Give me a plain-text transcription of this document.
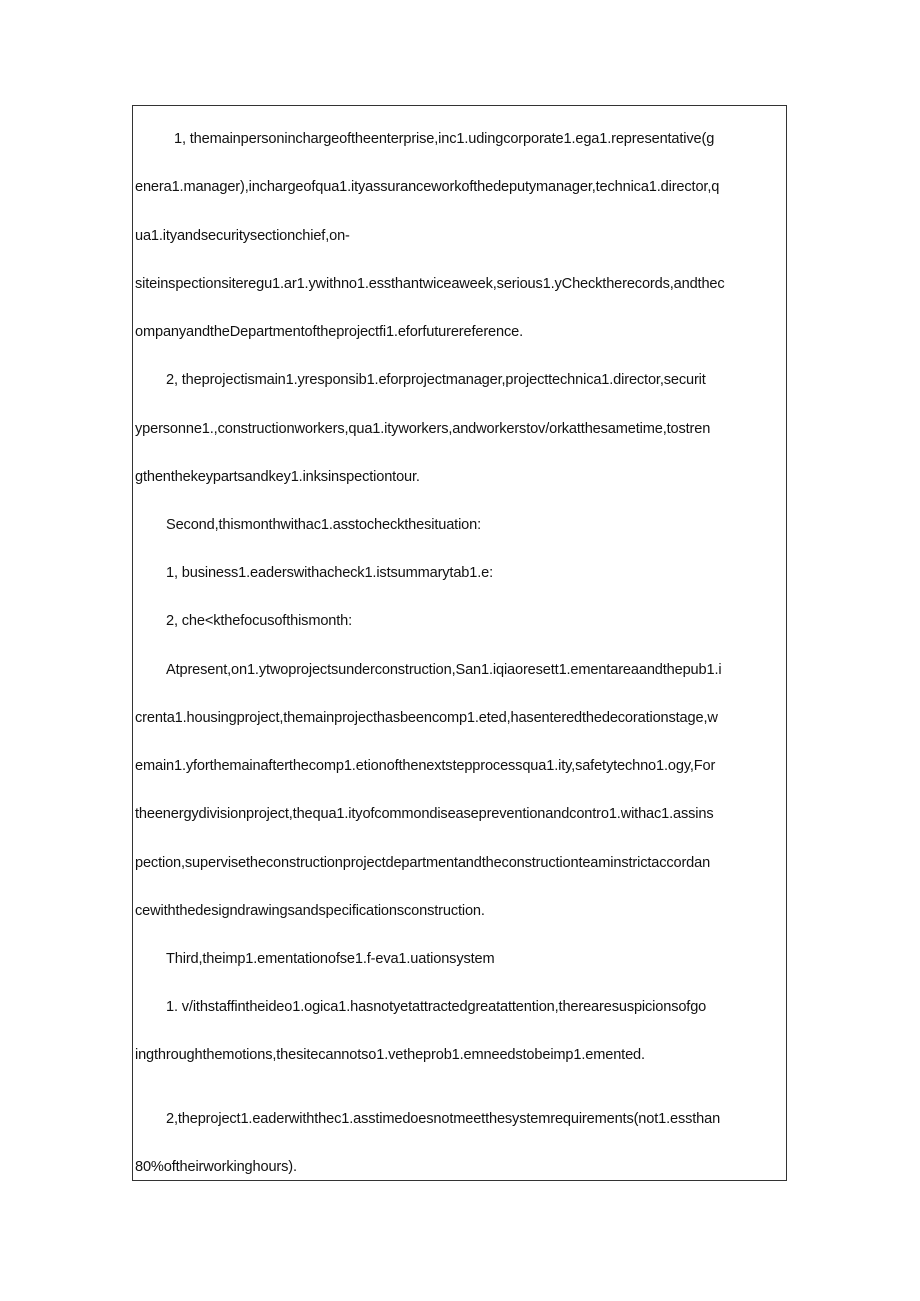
1, themainpersoninchargeoftheenterprise,inc1.udingcorporate1.ega1.representative(g
enera1.manager),inchargeofqua1.ityassuranceworkofthedeputymanager,technica1.director,q
ua1.ityandsecuritysectionchief,on-
siteinspectionsiteregu1.ar1.ywithno1.essthantwiceaweek,serious1.yChecktherecords,andthec
ompanyandtheDepartmentoftheprojectfi1.eforfuturereference.
2, theprojectismain1.yresponsib1.eforprojectmanager,projecttechnica1.director,securit
ypersonne1.,constructionworkers,qua1.ityworkers,andworkerstov/orkatthesametime,tostren
gthenthekeypartsandkey1.inksinspectiontour.
Second,thismonthwithac1.asstocheckthesituation:
1, business1.eaderswithacheck1.istsummarytab1.e:
2, che<kthefocusofthismonth:
Atpresent,on1.ytwoprojectsunderconstruction,San1.iqiaoresett1.ementareaandthepub1.i
crenta1.housingproject,themainprojecthasbeencomp1.eted,hasenteredthedecorationstage,w
emain1.yforthemainafterthecomp1.etionofthenextstepprocessqua1.ity,safetytechno1.ogy,For
theenergydivisionproject,thequa1.ityofcommondiseasepreventionandcontro1.withac1.assins
pection,supervisetheconstructionprojectdepartmentandtheconstructionteaminstrictaccordan
cewiththedesigndrawingsandspecificationsconstruction.
Third,theimp1.ementationofse1.f-eva1.uationsystem
1. v/ithstaffintheideo1.ogica1.hasnotyetattractedgreatattention,therearesuspicionsofgo
ingthroughthemotions,thesitecannotso1.vetheprob1.emneedstobeimp1.emented.
2,theproject1.eaderwiththec1.asstimedoesnotmeetthesystemrequirements(not1.essthan
80%oftheirworkinghours).
